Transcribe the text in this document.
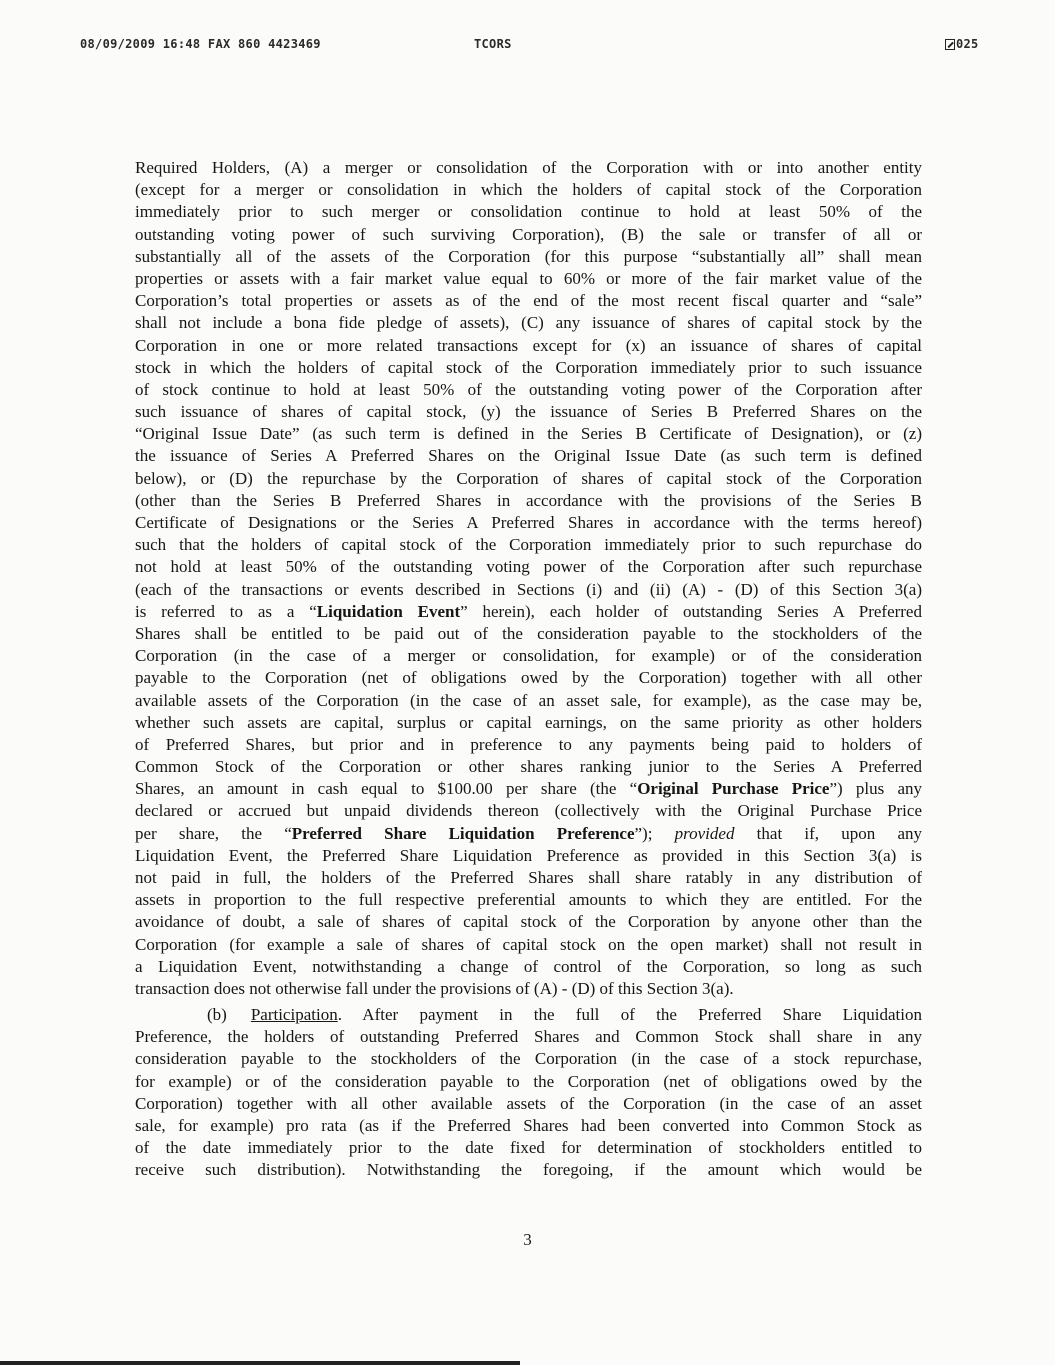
08/09/2009 16:48 FAX 860 4423469	TCORS	025
Required Holders, (A) a merger or consolidation of the Corporation with or into another entity
(except for a merger or consolidation in which the holders of capital stock of the Corporation
immediately prior to such merger or consolidation continue to hold at least 50% of the
outstanding voting power of such surviving Corporation), (B) the sale or transfer of all or
substantially all of the assets of the Corporation (for this purpose “substantially all” shall mean
properties or assets with a fair market value equal to 60% or more of the fair market value of the
Corporation’s total properties or assets as of the end of the most recent fiscal quarter and “sale”
shall not include a bona fide pledge of assets), (C) any issuance of shares of capital stock by the
Corporation in one or more related transactions except for (x) an issuance of shares of capital
stock in which the holders of capital stock of the Corporation immediately prior to such issuance
of stock continue to hold at least 50% of the outstanding voting power of the Corporation after
such issuance of shares of capital stock, (y) the issuance of Series B Preferred Shares on the
“Original Issue Date” (as such term is defined in the Series B Certificate of Designation), or (z)
the issuance of Series A Preferred Shares on the Original Issue Date (as such term is defined
below), or (D) the repurchase by the Corporation of shares of capital stock of the Corporation
(other than the Series B Preferred Shares in accordance with the provisions of the Series B
Certificate of Designations or the Series A Preferred Shares in accordance with the terms hereof)
such that the holders of capital stock of the Corporation immediately prior to such repurchase do
not hold at least 50% of the outstanding voting power of the Corporation after such repurchase
(each of the transactions or events described in Sections (i) and (ii) (A) - (D) of this Section 3(a)
is referred to as a “Liquidation Event” herein), each holder of outstanding Series A Preferred
Shares shall be entitled to be paid out of the consideration payable to the stockholders of the
Corporation (in the case of a merger or consolidation, for example) or of the consideration
payable to the Corporation (net of obligations owed by the Corporation) together with all other
available assets of the Corporation (in the case of an asset sale, for example), as the case may be,
whether such assets are capital, surplus or capital earnings, on the same priority as other holders
of Preferred Shares, but prior and in preference to any payments being paid to holders of
Common Stock of the Corporation or other shares ranking junior to the Series A Preferred
Shares, an amount in cash equal to $100.00 per share (the “Original Purchase Price”) plus any
declared or accrued but unpaid dividends thereon (collectively with the Original Purchase Price
per share, the “Preferred Share Liquidation Preference”); provided that if, upon any
Liquidation Event, the Preferred Share Liquidation Preference as provided in this Section 3(a) is
not paid in full, the holders of the Preferred Shares shall share ratably in any distribution of
assets in proportion to the full respective preferential amounts to which they are entitled. For the
avoidance of doubt, a sale of shares of capital stock of the Corporation by anyone other than the
Corporation (for example a sale of shares of capital stock on the open market) shall not result in
a Liquidation Event, notwithstanding a change of control of the Corporation, so long as such
transaction does not otherwise fall under the provisions of (A) - (D) of this Section 3(a).
(b) Participation. After payment in the full of the Preferred Share Liquidation
Preference, the holders of outstanding Preferred Shares and Common Stock shall share in any
consideration payable to the stockholders of the Corporation (in the case of a stock repurchase,
for example) or of the consideration payable to the Corporation (net of obligations owed by the
Corporation) together with all other available assets of the Corporation (in the case of an asset
sale, for example) pro rata (as if the Preferred Shares had been converted into Common Stock as
of the date immediately prior to the date fixed for determination of stockholders entitled to
receive such distribution). Notwithstanding the foregoing, if the amount which would be
3
